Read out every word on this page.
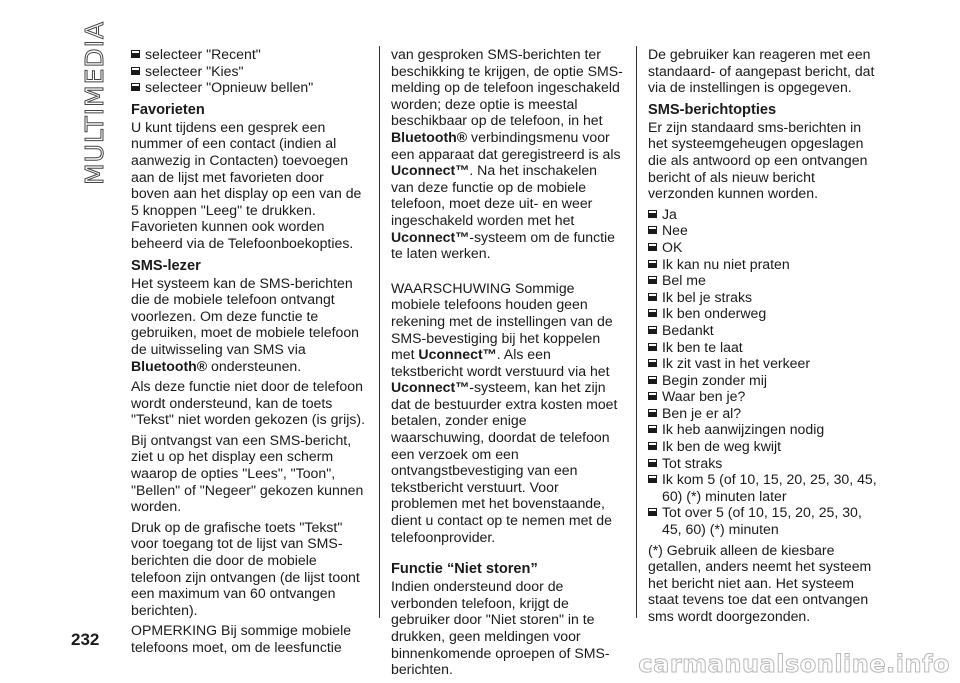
MULTIMEDIA	selecteer "Recent"
selecteer "Kies"
selecteer "Opnieuw bellen"
Favorieten

U kunt tijdens een gesprek een nummer of een contact (indien al aanwezig in Contacten) toevoegen aan de lijst met favorieten door boven aan het display op een van de 5 knoppen "Leeg" te drukken. Favorieten kunnen ook worden beheerd via de Telefoonboekopties.

SMS-lezer

Het systeem kan de SMS-berichten die de mobiele telefoon ontvangt voorlezen. Om deze functie te gebruiken, moet de mobiele telefoon de uitwisseling van SMS via Bluetooth® ondersteunen.

Als deze functie niet door de telefoon wordt ondersteund, kan de toets "Tekst" niet worden gekozen (is grijs).

Bij ontvangst van een SMS-bericht, ziet u op het display een scherm waarop de opties "Lees", "Toon", "Bellen" of "Negeer" gekozen kunnen worden.

Druk op de grafische toets "Tekst" voor toegang tot de lijst van SMS-berichten die door de mobiele telefoon zijn ontvangen (de lijst toont een maximum van 60 ontvangen berichten).

OPMERKING Bij sommige mobiele telefoons moet, om de leesfunctie

van gesproken SMS-berichten ter beschikking te krijgen, de optie SMS-melding op de telefoon ingeschakeld worden; deze optie is meestal beschikbaar op de telefoon, in het Bluetooth® verbindingsmenu voor een apparaat dat geregistreerd is als Uconnect™. Na het inschakelen van deze functie op de mobiele telefoon, moet deze uit- en weer ingeschakeld worden met het Uconnect™-systeem om de functie te laten werken.

WAARSCHUWING Sommige mobiele telefoons houden geen rekening met de instellingen van de SMS-bevestiging bij het koppelen met Uconnect™. Als een tekstbericht wordt verstuurd via het Uconnect™-systeem, kan het zijn dat de bestuurder extra kosten moet betalen, zonder enige waarschuwing, doordat de telefoon een verzoek om een ontvangstbevestiging van een tekstbericht verstuurt. Voor problemen met het bovenstaande, dient u contact op te nemen met de telefoonprovider.

Functie “Niet storen”

Indien ondersteund door de verbonden telefoon, krijgt de gebruiker door "Niet storen" in te drukken, geen meldingen voor binnenkomende oproepen of SMS-berichten.

De gebruiker kan reageren met een standaard- of aangepast bericht, dat via de instellingen is opgegeven.

SMS-berichtopties

Er zijn standaard sms-berichten in het systeemgeheugen opgeslagen die als antwoord op een ontvangen bericht of als nieuw bericht verzonden kunnen worden.

Ja
Nee
OK
Ik kan nu niet praten
Bel me
Ik bel je straks
Ik ben onderweg
Bedankt
Ik ben te laat
Ik zit vast in het verkeer
Begin zonder mij
Waar ben je?
Ben je er al?
Ik heb aanwijzingen nodig
Ik ben de weg kwijt
Tot straks
Ik kom 5 (of 10, 15, 20, 25, 30, 45, 60) (*) minuten later
Tot over 5 (of 10, 15, 20, 25, 30, 45, 60) (*) minuten

(*) Gebruik alleen de kiesbare getallen, anders neemt het systeem het bericht niet aan. Het systeem staat tevens toe dat een ontvangen sms wordt doorgezonden.

232
carmanualsonline.info
